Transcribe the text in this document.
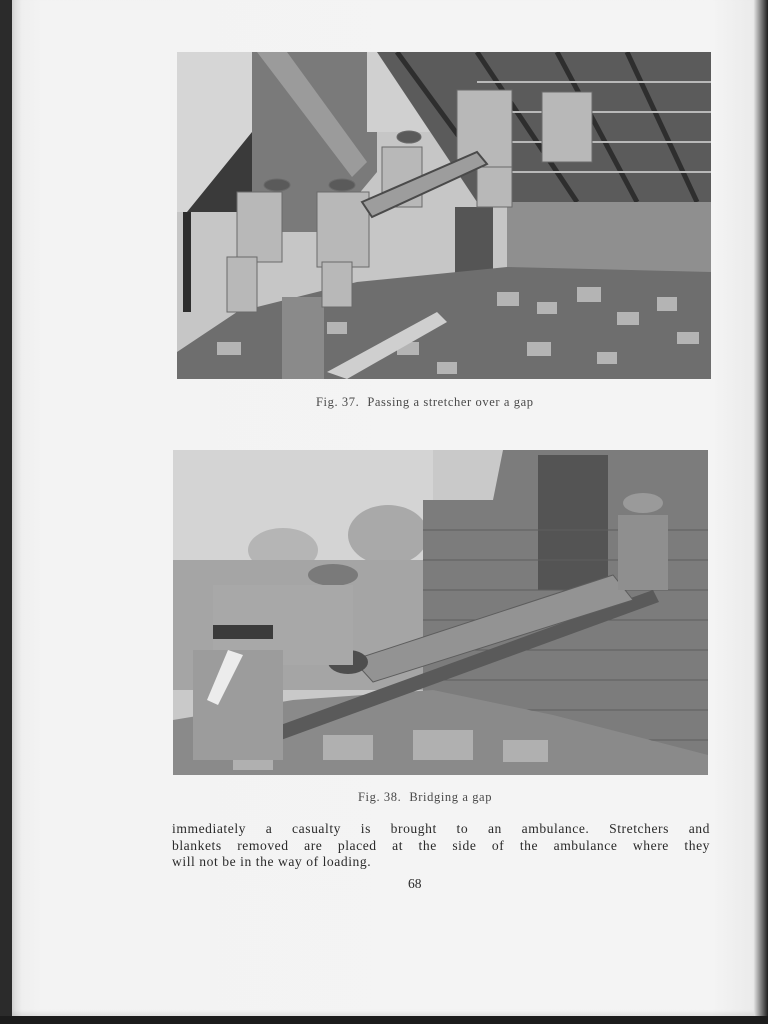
Fig. 37. Passing a stretcher over a gap
Fig. 38. Bridging a gap
immediately a casualty is brought to an ambulance. Stretchers and
blankets removed are placed at the side of the ambulance where they
will not be in the way of loading.
68
